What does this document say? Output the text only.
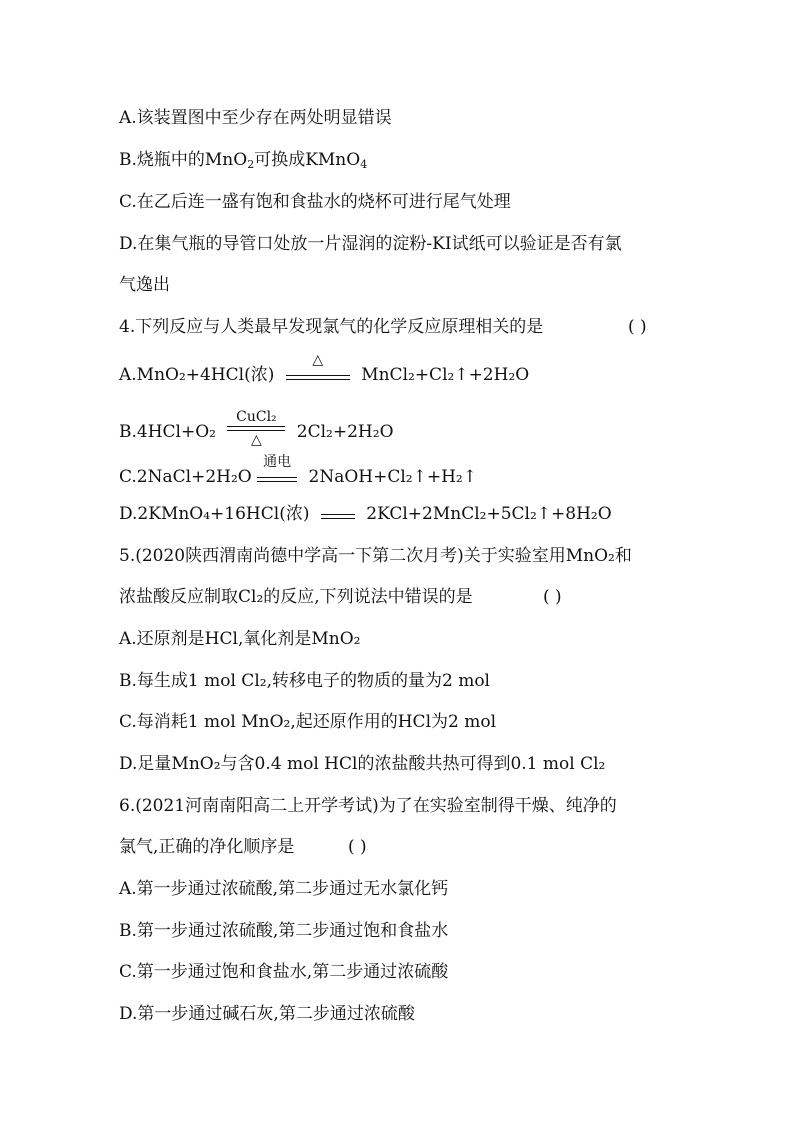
A.该装置图中至少存在两处明显错误
B.烧瓶中的MnO$_2$可换成KMnO$_4$
C.在乙后连一盛有饱和食盐水的烧杯可进行尾气处理
D.在集气瓶的导管口处放一片湿润的淀粉-KI试纸可以验证是否有氯
气逸出
4.下列反应与人类最早发现氯气的化学反应原理相关的是	( )
A.MnO₂+4HCl(浓)
△
MnCl₂+Cl₂↑+2H₂O
B.4HCl+O₂
CuCl₂
△	2Cl₂+2H₂O
C.2NaCl+2H₂O
通电
2NaOH+Cl₂↑+H₂↑
D.2KMnO₄+16HCl(浓)	2KCl+2MnCl₂+5Cl₂↑+8H₂O
5.(2020陕西渭南尚德中学高一下第二次月考)关于实验室用MnO₂和
浓盐酸反应制取Cl₂的反应,下列说法中错误的是	( )
A.还原剂是HCl,氧化剂是MnO₂
B.每生成1 mol Cl₂,转移电子的物质的量为2 mol
C.每消耗1 mol MnO₂,起还原作用的HCl为2 mol
D.足量MnO₂与含0.4 mol HCl的浓盐酸共热可得到0.1 mol Cl₂
6.(2021河南南阳高二上开学考试)为了在实验室制得干燥、纯净的
氯气,正确的净化顺序是	( )
A.第一步通过浓硫酸,第二步通过无水氯化钙
B.第一步通过浓硫酸,第二步通过饱和食盐水
C.第一步通过饱和食盐水,第二步通过浓硫酸
D.第一步通过碱石灰,第二步通过浓硫酸
